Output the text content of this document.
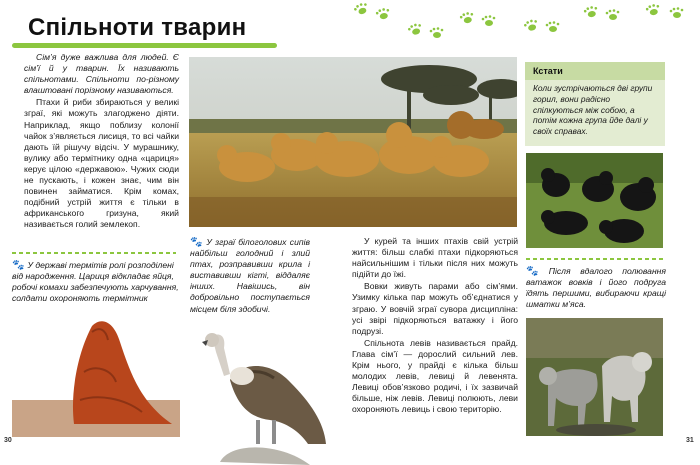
Спільноти тварин

Сім’я дуже важлива для людей. Є сім’ї й у тварин. Їх називають спільнотами. Спільноти по-різному влаштовані порізному називаються.

Птахи й риби збираються у великі зграї, які можуть злагоджено діяти. Наприклад, якщо поблизу колонії чайок з’являється лисиця, то всі чайки дають їй рішучу відсіч. У мурашнику, вулику або термітнику одна «цариця» керує цілою «державою». Чужих сюди не пускають, і кожен знає, чим він повинен займатися. Крім комах, подібний устрій життя є тільки в африканського гризуна, який називається голий землекоп.

Кстати
Коли зустрічаються дві групи горил, вони радісно спілкуються між собою, а потім кожна група йде далі у своїх справах.
🐾 У державі термітів ролі розподілені від народження. Цариця відкладає яйця, робочі комахи забезпечують харчування, солдати охороняють термітник
🐾 У зграї білоголових сипів найбільш голодний і злий птах, розправивши крила і виставивши кігті, віддаляє інших. Навішись, він добровільно поступається місцем біля здобичі.

У курей та інших птахів свій устрій життя: більш слабкі птахи підкоряються найсильнішим і тільки після них можуть підійти до їжі.

Вовки живуть парами або сім’ями. Узимку кілька пар можуть об’єднатися у зграю. У вовчій зграї сувора дисципліна: усі звірі підкоряються ватажку і його подрузі.

Спільнота левів називається прайд. Глава сім’ї — дорослий сильний лев. Крім нього, у прайді є кілька більш молодих левів, левиці й левенята. Левиці обов’язково родичі, і їх зазвичай більше, ніж левів. Левиці полюють, леви охороняють левиць і свою територію.

🐾 Після вдалого полювання ватажок вовків і його подруга їдять першими, вибираючи кращі шматки м’яса.
30	31
